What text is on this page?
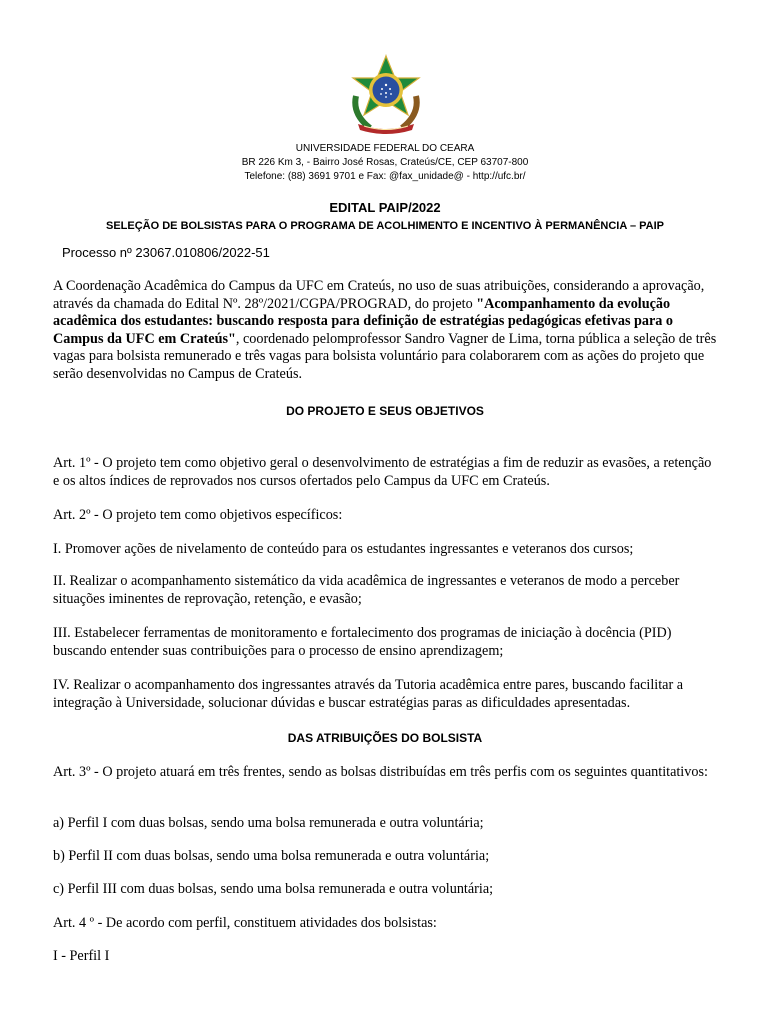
UNIVERSIDADE FEDERAL DO CEARA
BR 226 Km 3, - Bairro José Rosas, Crateús/CE, CEP 63707-800
Telefone: (88) 3691 9701 e Fax: @fax_unidade@ - http://ufc.br/
EDITAL PAIP/2022
SELEÇÃO DE BOLSISTAS PARA O PROGRAMA DE ACOLHIMENTO E INCENTIVO À PERMANÊNCIA – PAIP
Processo nº 23067.010806/2022-51

A Coordenação Acadêmica do Campus da UFC em Crateús, no uso de suas atribuições, considerando a aprovação, através da chamada do Edital Nº. 28º/2021/CGPA/PROGRAD, do projeto "Acompanhamento da evolução acadêmica dos estudantes: buscando resposta para definição de estratégias pedagógicas efetivas para o Campus da UFC em Crateús", coordenado pelomprofessor Sandro Vagner de Lima, torna pública a seleção de três vagas para bolsista remunerado e três vagas para bolsista voluntário para colaborarem com as ações do projeto que serão desenvolvidas no Campus de Crateús.

DO PROJETO E SEUS OBJETIVOS

Art. 1º - O projeto tem como objetivo geral o desenvolvimento de estratégias a fim de reduzir as evasões, a retenção e os altos índices de reprovados nos cursos ofertados pelo Campus da UFC em Crateús.

Art. 2º - O projeto tem como objetivos específicos:

I. Promover ações de nivelamento de conteúdo para os estudantes ingressantes e veteranos dos cursos;

II. Realizar o acompanhamento sistemático da vida acadêmica de ingressantes e veteranos de modo a perceber situações iminentes de reprovação, retenção, e evasão;

III. Estabelecer ferramentas de monitoramento e fortalecimento dos programas de iniciação à docência (PID) buscando entender suas contribuições para o processo de ensino aprendizagem;

IV. Realizar o acompanhamento dos ingressantes através da Tutoria acadêmica entre pares, buscando facilitar a integração à Universidade, solucionar dúvidas e buscar estratégias paras as dificuldades apresentadas.

DAS ATRIBUIÇÕES DO BOLSISTA

Art. 3º - O projeto atuará em três frentes, sendo as bolsas distribuídas em três perfis com os seguintes quantitativos:

a) Perfil I com duas bolsas, sendo uma bolsa remunerada e outra voluntária;

b) Perfil II com duas bolsas, sendo uma bolsa remunerada e outra voluntária;

c) Perfil III com duas bolsas, sendo uma bolsa remunerada e outra voluntária;

Art. 4 º - De acordo com perfil, constituem atividades dos bolsistas:

I - Perfil I
